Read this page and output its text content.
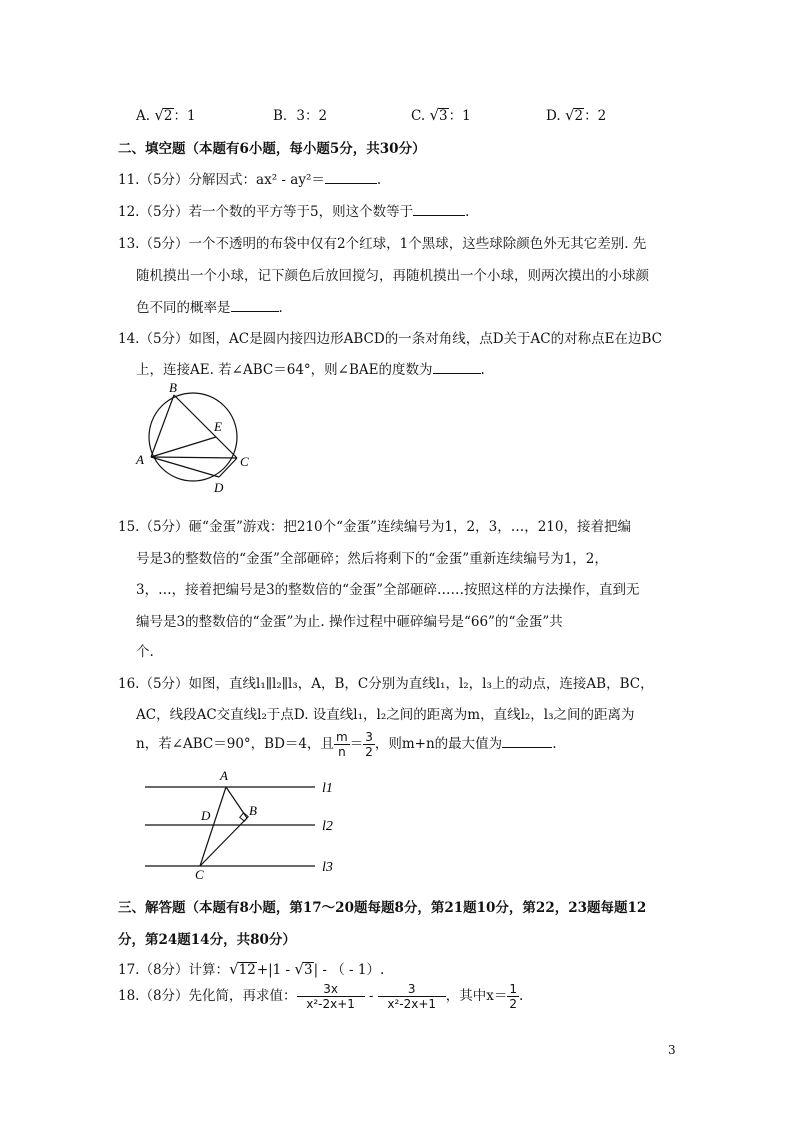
A. √2：1	B．3：2	C. √3：1	D. √2：2
二、填空题（本题有6小题，每小题5分，共30分）
11.（5分）分解因式：ax² - ay²＝	.
12.（5分）若一个数的平方等于5，则这个数等于	.
13.（5分）一个不透明的布袋中仅有2个红球，1个黑球，这些球除颜色外无其它差别. 先
随机摸出一个小球，记下颜色后放回搅匀，再随机摸出一个小球，则两次摸出的小球颜
色不同的概率是	.
14.（5分）如图，AC是圆内接四边形ABCD的一条对角线，点D关于AC的对称点E在边BC
上，连接AE. 若∠ABC＝64°，则∠BAE的度数为	.
B
E
A	C
D
15.（5分）砸“金蛋”游戏：把210个“金蛋”连续编号为1，2，3，…，210，接着把编
号是3的整数倍的“金蛋”全部砸碎；然后将剩下的“金蛋”重新连续编号为1，2，
3，…，接着把编号是3的整数倍的“金蛋”全部砸碎……按照这样的方法操作，直到无
编号是3的整数倍的“金蛋”为止. 操作过程中砸碎编号是“66”的“金蛋”共
个.
16.（5分）如图，直线l₁∥l₂∥l₃，A，B，C分别为直线l₁，l₂，l₃上的动点，连接AB，BC，
AC，线段AC交直线l₂于点D. 设直线l₁，l₂之间的距离为m，直线l₂，l₃之间的距离为
n，若∠ABC＝90°，BD＝4，且 $\frac{m}{n} = \frac{3}{2}$ ，则m+n的最大值为	.
A
D	B
C
l1
l2
l3
三、解答题（本题有8小题，第17～20题每题8分，第21题10分，第22，23题每题12
分，第24题14分，共80分）
17.（8分）计算：√12+|1 - √3| - （ - 1）.
18.（8分）先化简，再求值： $\frac{3x}{\text{x²-2x+1}} - \frac{3}{\text{x²-2x+1}}$ ，其中$x= \frac{1}{2}$ .
3
